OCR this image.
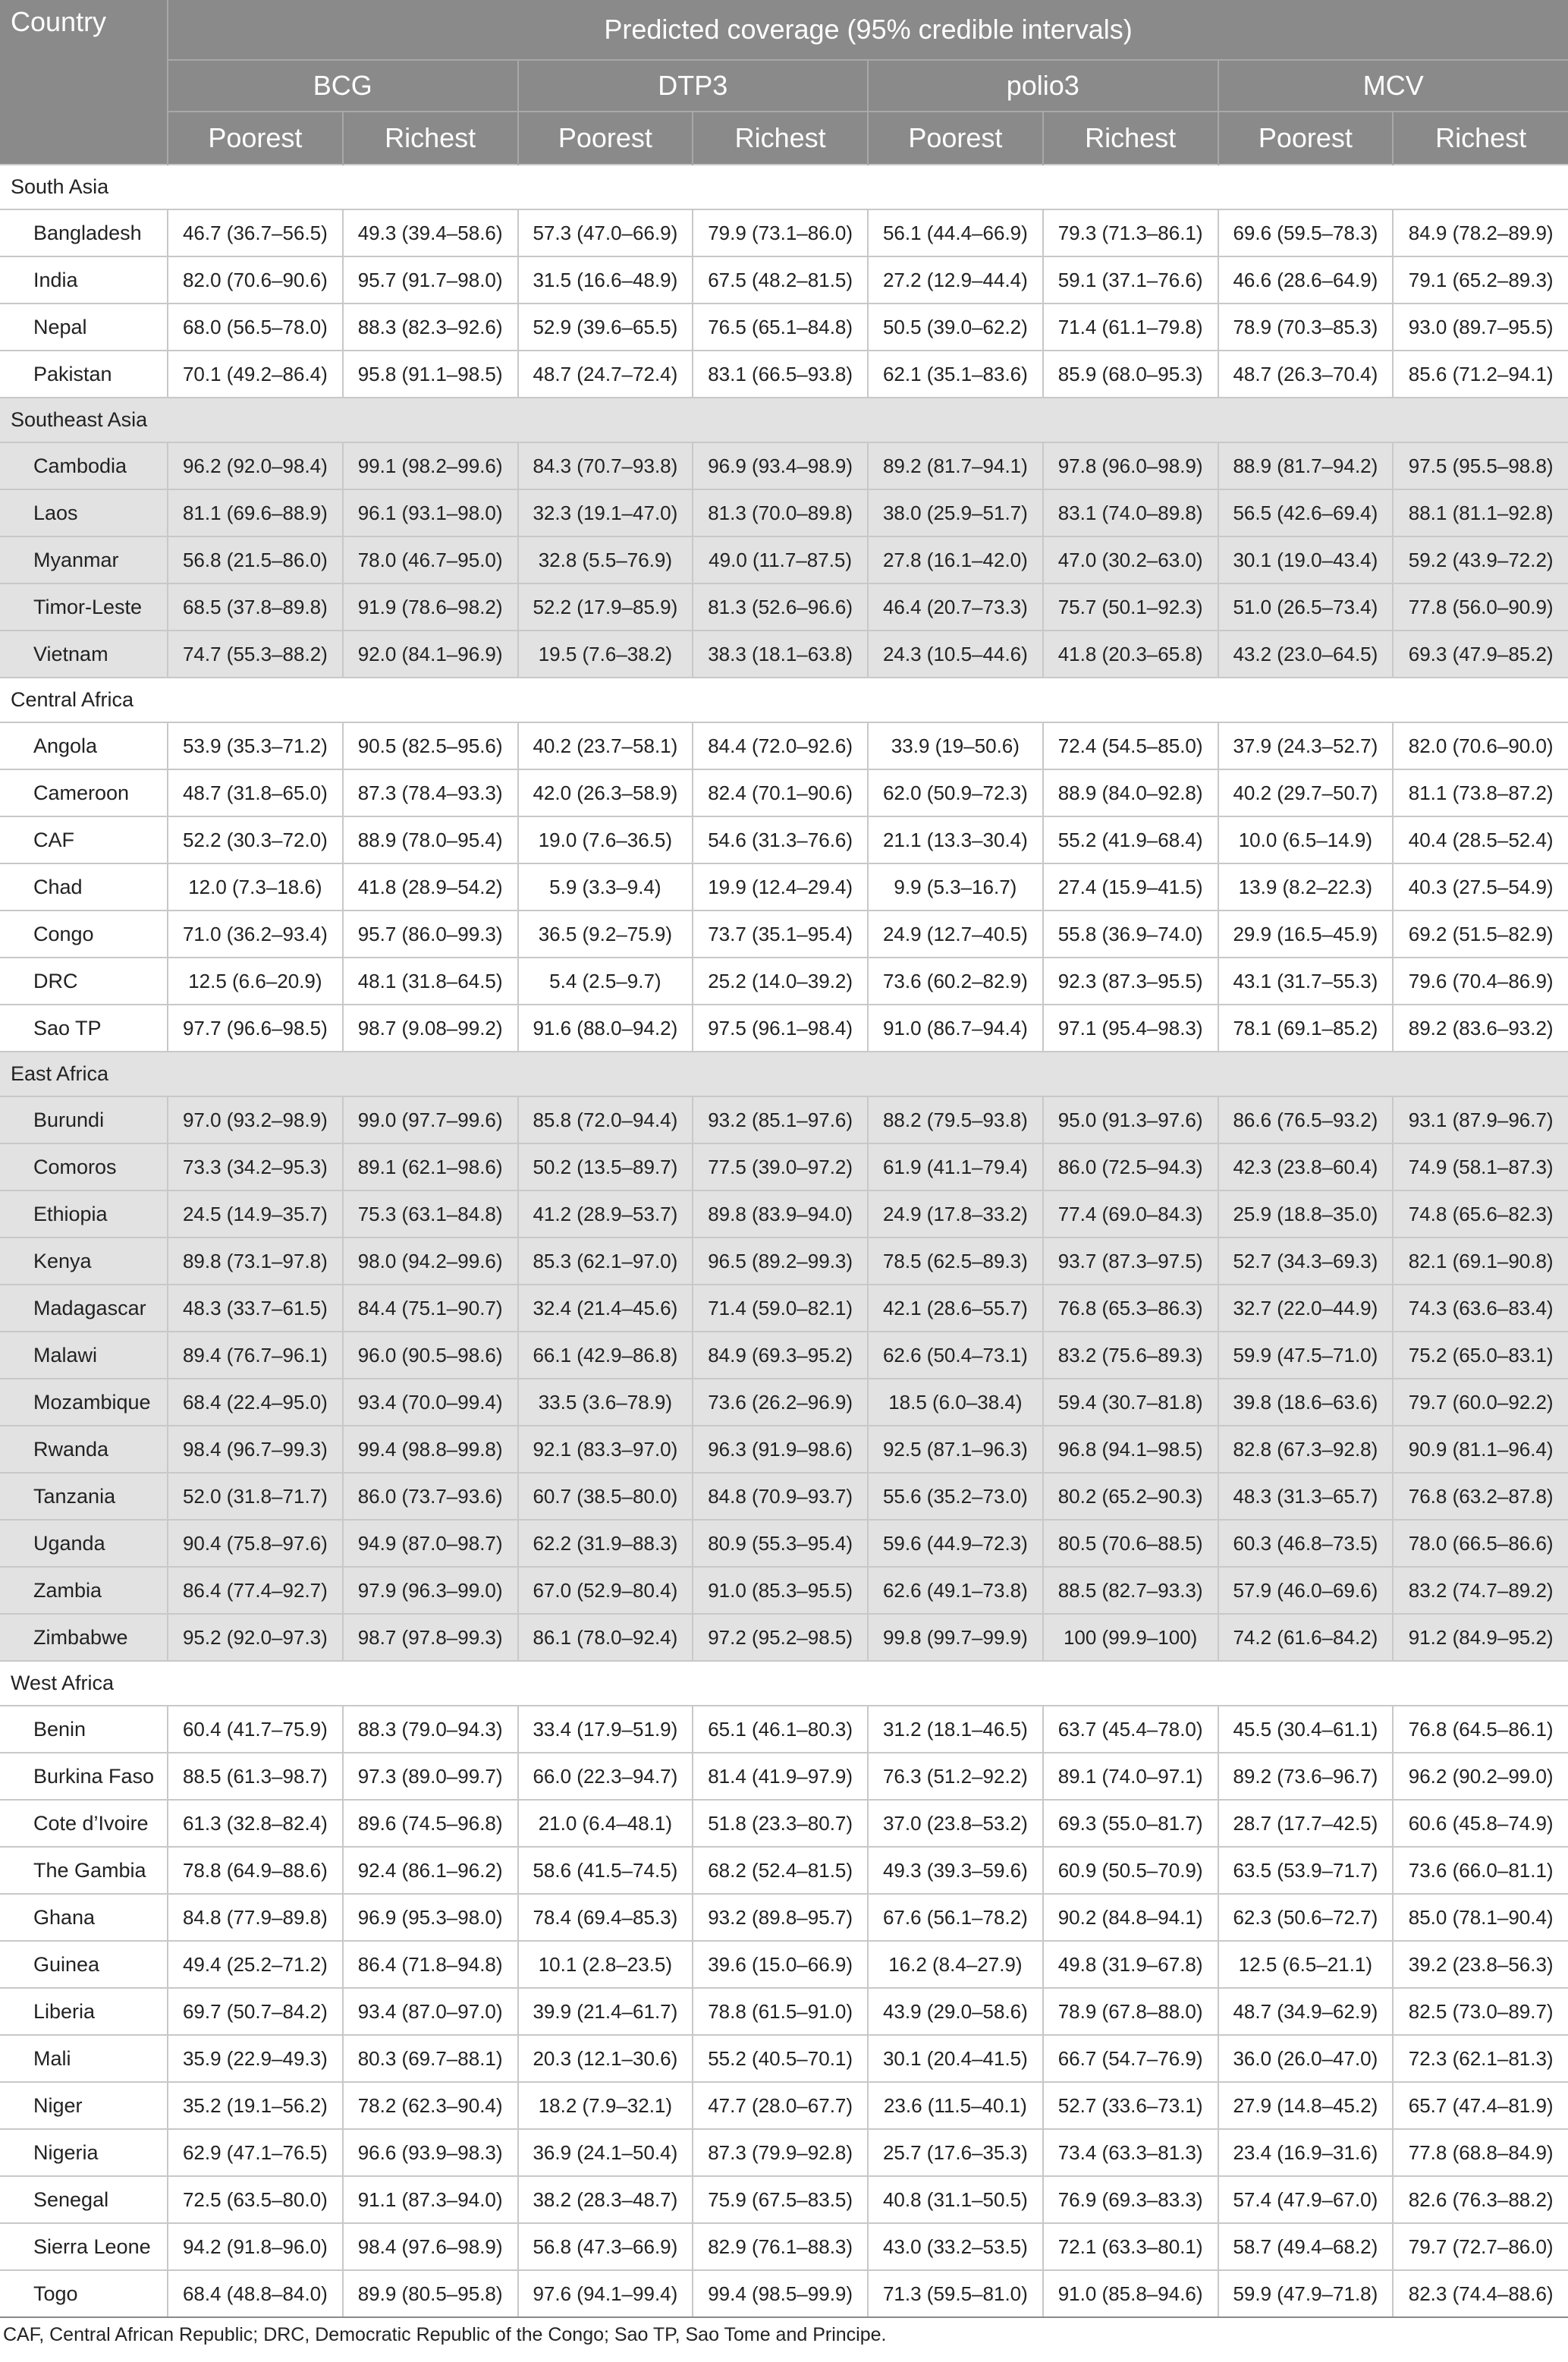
Country	Predicted coverage (95% credible intervals)							
	BCG		DTP3		polio3		MCV	
	Poorest	Richest	Poorest	Richest	Poorest	Richest	Poorest	Richest
South Asia								
Bangladesh	46.7 (36.7–56.5)	49.3 (39.4–58.6)	57.3 (47.0–66.9)	79.9 (73.1–86.0)	56.1 (44.4–66.9)	79.3 (71.3–86.1)	69.6 (59.5–78.3)	84.9 (78.2–89.9)
India	82.0 (70.6–90.6)	95.7 (91.7–98.0)	31.5 (16.6–48.9)	67.5 (48.2–81.5)	27.2 (12.9–44.4)	59.1 (37.1–76.6)	46.6 (28.6–64.9)	79.1 (65.2–89.3)
Nepal	68.0 (56.5–78.0)	88.3 (82.3–92.6)	52.9 (39.6–65.5)	76.5 (65.1–84.8)	50.5 (39.0–62.2)	71.4 (61.1–79.8)	78.9 (70.3–85.3)	93.0 (89.7–95.5)
Pakistan	70.1 (49.2–86.4)	95.8 (91.1–98.5)	48.7 (24.7–72.4)	83.1 (66.5–93.8)	62.1 (35.1–83.6)	85.9 (68.0–95.3)	48.7 (26.3–70.4)	85.6 (71.2–94.1)
Southeast Asia								
Cambodia	96.2 (92.0–98.4)	99.1 (98.2–99.6)	84.3 (70.7–93.8)	96.9 (93.4–98.9)	89.2 (81.7–94.1)	97.8 (96.0–98.9)	88.9 (81.7–94.2)	97.5 (95.5–98.8)
Laos	81.1 (69.6–88.9)	96.1 (93.1–98.0)	32.3 (19.1–47.0)	81.3 (70.0–89.8)	38.0 (25.9–51.7)	83.1 (74.0–89.8)	56.5 (42.6–69.4)	88.1 (81.1–92.8)
Myanmar	56.8 (21.5–86.0)	78.0 (46.7–95.0)	32.8 (5.5–76.9)	49.0 (11.7–87.5)	27.8 (16.1–42.0)	47.0 (30.2–63.0)	30.1 (19.0–43.4)	59.2 (43.9–72.2)
Timor-Leste	68.5 (37.8–89.8)	91.9 (78.6–98.2)	52.2 (17.9–85.9)	81.3 (52.6–96.6)	46.4 (20.7–73.3)	75.7 (50.1–92.3)	51.0 (26.5–73.4)	77.8 (56.0–90.9)
Vietnam	74.7 (55.3–88.2)	92.0 (84.1–96.9)	19.5 (7.6–38.2)	38.3 (18.1–63.8)	24.3 (10.5–44.6)	41.8 (20.3–65.8)	43.2 (23.0–64.5)	69.3 (47.9–85.2)
Central Africa								
Angola	53.9 (35.3–71.2)	90.5 (82.5–95.6)	40.2 (23.7–58.1)	84.4 (72.0–92.6)	33.9 (19–50.6)	72.4 (54.5–85.0)	37.9 (24.3–52.7)	82.0 (70.6–90.0)
Cameroon	48.7 (31.8–65.0)	87.3 (78.4–93.3)	42.0 (26.3–58.9)	82.4 (70.1–90.6)	62.0 (50.9–72.3)	88.9 (84.0–92.8)	40.2 (29.7–50.7)	81.1 (73.8–87.2)
CAF	52.2 (30.3–72.0)	88.9 (78.0–95.4)	19.0 (7.6–36.5)	54.6 (31.3–76.6)	21.1 (13.3–30.4)	55.2 (41.9–68.4)	10.0 (6.5–14.9)	40.4 (28.5–52.4)
Chad	12.0 (7.3–18.6)	41.8 (28.9–54.2)	5.9 (3.3–9.4)	19.9 (12.4–29.4)	9.9 (5.3–16.7)	27.4 (15.9–41.5)	13.9 (8.2–22.3)	40.3 (27.5–54.9)
Congo	71.0 (36.2–93.4)	95.7 (86.0–99.3)	36.5 (9.2–75.9)	73.7 (35.1–95.4)	24.9 (12.7–40.5)	55.8 (36.9–74.0)	29.9 (16.5–45.9)	69.2 (51.5–82.9)
DRC	12.5 (6.6–20.9)	48.1 (31.8–64.5)	5.4 (2.5–9.7)	25.2 (14.0–39.2)	73.6 (60.2–82.9)	92.3 (87.3–95.5)	43.1 (31.7–55.3)	79.6 (70.4–86.9)
Sao TP	97.7 (96.6–98.5)	98.7 (9.08–99.2)	91.6 (88.0–94.2)	97.5 (96.1–98.4)	91.0 (86.7–94.4)	97.1 (95.4–98.3)	78.1 (69.1–85.2)	89.2 (83.6–93.2)
East Africa								
Burundi	97.0 (93.2–98.9)	99.0 (97.7–99.6)	85.8 (72.0–94.4)	93.2 (85.1–97.6)	88.2 (79.5–93.8)	95.0 (91.3–97.6)	86.6 (76.5–93.2)	93.1 (87.9–96.7)
Comoros	73.3 (34.2–95.3)	89.1 (62.1–98.6)	50.2 (13.5–89.7)	77.5 (39.0–97.2)	61.9 (41.1–79.4)	86.0 (72.5–94.3)	42.3 (23.8–60.4)	74.9 (58.1–87.3)
Ethiopia	24.5 (14.9–35.7)	75.3 (63.1–84.8)	41.2 (28.9–53.7)	89.8 (83.9–94.0)	24.9 (17.8–33.2)	77.4 (69.0–84.3)	25.9 (18.8–35.0)	74.8 (65.6–82.3)
Kenya	89.8 (73.1–97.8)	98.0 (94.2–99.6)	85.3 (62.1–97.0)	96.5 (89.2–99.3)	78.5 (62.5–89.3)	93.7 (87.3–97.5)	52.7 (34.3–69.3)	82.1 (69.1–90.8)
Madagascar	48.3 (33.7–61.5)	84.4 (75.1–90.7)	32.4 (21.4–45.6)	71.4 (59.0–82.1)	42.1 (28.6–55.7)	76.8 (65.3–86.3)	32.7 (22.0–44.9)	74.3 (63.6–83.4)
Malawi	89.4 (76.7–96.1)	96.0 (90.5–98.6)	66.1 (42.9–86.8)	84.9 (69.3–95.2)	62.6 (50.4–73.1)	83.2 (75.6–89.3)	59.9 (47.5–71.0)	75.2 (65.0–83.1)
Mozambique	68.4 (22.4–95.0)	93.4 (70.0–99.4)	33.5 (3.6–78.9)	73.6 (26.2–96.9)	18.5 (6.0–38.4)	59.4 (30.7–81.8)	39.8 (18.6–63.6)	79.7 (60.0–92.2)
Rwanda	98.4 (96.7–99.3)	99.4 (98.8–99.8)	92.1 (83.3–97.0)	96.3 (91.9–98.6)	92.5 (87.1–96.3)	96.8 (94.1–98.5)	82.8 (67.3–92.8)	90.9 (81.1–96.4)
Tanzania	52.0 (31.8–71.7)	86.0 (73.7–93.6)	60.7 (38.5–80.0)	84.8 (70.9–93.7)	55.6 (35.2–73.0)	80.2 (65.2–90.3)	48.3 (31.3–65.7)	76.8 (63.2–87.8)
Uganda	90.4 (75.8–97.6)	94.9 (87.0–98.7)	62.2 (31.9–88.3)	80.9 (55.3–95.4)	59.6 (44.9–72.3)	80.5 (70.6–88.5)	60.3 (46.8–73.5)	78.0 (66.5–86.6)
Zambia	86.4 (77.4–92.7)	97.9 (96.3–99.0)	67.0 (52.9–80.4)	91.0 (85.3–95.5)	62.6 (49.1–73.8)	88.5 (82.7–93.3)	57.9 (46.0–69.6)	83.2 (74.7–89.2)
Zimbabwe	95.2 (92.0–97.3)	98.7 (97.8–99.3)	86.1 (78.0–92.4)	97.2 (95.2–98.5)	99.8 (99.7–99.9)	100 (99.9–100)	74.2 (61.6–84.2)	91.2 (84.9–95.2)
West Africa								
Benin	60.4 (41.7–75.9)	88.3 (79.0–94.3)	33.4 (17.9–51.9)	65.1 (46.1–80.3)	31.2 (18.1–46.5)	63.7 (45.4–78.0)	45.5 (30.4–61.1)	76.8 (64.5–86.1)
Burkina Faso	88.5 (61.3–98.7)	97.3 (89.0–99.7)	66.0 (22.3–94.7)	81.4 (41.9–97.9)	76.3 (51.2–92.2)	89.1 (74.0–97.1)	89.2 (73.6–96.7)	96.2 (90.2–99.0)
Cote d’Ivoire	61.3 (32.8–82.4)	89.6 (74.5–96.8)	21.0 (6.4–48.1)	51.8 (23.3–80.7)	37.0 (23.8–53.2)	69.3 (55.0–81.7)	28.7 (17.7–42.5)	60.6 (45.8–74.9)
The Gambia	78.8 (64.9–88.6)	92.4 (86.1–96.2)	58.6 (41.5–74.5)	68.2 (52.4–81.5)	49.3 (39.3–59.6)	60.9 (50.5–70.9)	63.5 (53.9–71.7)	73.6 (66.0–81.1)
Ghana	84.8 (77.9–89.8)	96.9 (95.3–98.0)	78.4 (69.4–85.3)	93.2 (89.8–95.7)	67.6 (56.1–78.2)	90.2 (84.8–94.1)	62.3 (50.6–72.7)	85.0 (78.1–90.4)
Guinea	49.4 (25.2–71.2)	86.4 (71.8–94.8)	10.1 (2.8–23.5)	39.6 (15.0–66.9)	16.2 (8.4–27.9)	49.8 (31.9–67.8)	12.5 (6.5–21.1)	39.2 (23.8–56.3)
Liberia	69.7 (50.7–84.2)	93.4 (87.0–97.0)	39.9 (21.4–61.7)	78.8 (61.5–91.0)	43.9 (29.0–58.6)	78.9 (67.8–88.0)	48.7 (34.9–62.9)	82.5 (73.0–89.7)
Mali	35.9 (22.9–49.3)	80.3 (69.7–88.1)	20.3 (12.1–30.6)	55.2 (40.5–70.1)	30.1 (20.4–41.5)	66.7 (54.7–76.9)	36.0 (26.0–47.0)	72.3 (62.1–81.3)
Niger	35.2 (19.1–56.2)	78.2 (62.3–90.4)	18.2 (7.9–32.1)	47.7 (28.0–67.7)	23.6 (11.5–40.1)	52.7 (33.6–73.1)	27.9 (14.8–45.2)	65.7 (47.4–81.9)
Nigeria	62.9 (47.1–76.5)	96.6 (93.9–98.3)	36.9 (24.1–50.4)	87.3 (79.9–92.8)	25.7 (17.6–35.3)	73.4 (63.3–81.3)	23.4 (16.9–31.6)	77.8 (68.8–84.9)
Senegal	72.5 (63.5–80.0)	91.1 (87.3–94.0)	38.2 (28.3–48.7)	75.9 (67.5–83.5)	40.8 (31.1–50.5)	76.9 (69.3–83.3)	57.4 (47.9–67.0)	82.6 (76.3–88.2)
Sierra Leone	94.2 (91.8–96.0)	98.4 (97.6–98.9)	56.8 (47.3–66.9)	82.9 (76.1–88.3)	43.0 (33.2–53.5)	72.1 (63.3–80.1)	58.7 (49.4–68.2)	79.7 (72.7–86.0)
Togo	68.4 (48.8–84.0)	89.9 (80.5–95.8)	97.6 (94.1–99.4)	99.4 (98.5–99.9)	71.3 (59.5–81.0)	91.0 (85.8–94.6)	59.9 (47.9–71.8)	82.3 (74.4–88.6)
CAF, Central African Republic; DRC, Democratic Republic of the Congo; Sao TP, Sao Tome and Principe.
